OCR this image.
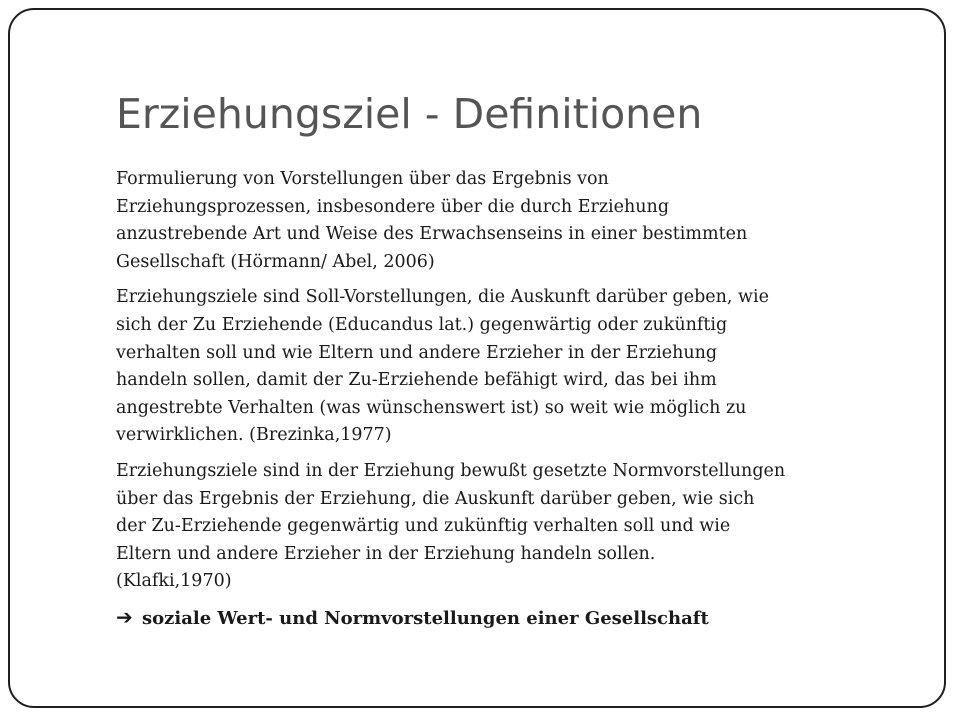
Erziehungsziel - Definitionen

Formulierung von Vorstellungen über das Ergebnis von
Erziehungsprozessen, insbesondere über die durch Erziehung
anzustrebende Art und Weise des Erwachsenseins in einer bestimmten
Gesellschaft (Hörmann/ Abel, 2006)

Erziehungsziele sind Soll-Vorstellungen, die Auskunft darüber geben, wie
sich der Zu Erziehende (Educandus lat.) gegenwärtig oder zukünftig
verhalten soll und wie Eltern und andere Erzieher in der Erziehung
handeln sollen, damit der Zu-Erziehende befähigt wird, das bei ihm
angestrebte Verhalten (was wünschenswert ist) so weit wie möglich zu
verwirklichen. (Brezinka,1977)

Erziehungsziele sind in der Erziehung bewußt gesetzte Normvorstellungen
über das Ergebnis der Erziehung, die Auskunft darüber geben, wie sich
der Zu-Erziehende gegenwärtig und zukünftig verhalten soll und wie
Eltern und andere Erzieher in der Erziehung handeln sollen.
(Klafki,1970)

➔ soziale Wert- und Normvorstellungen einer Gesellschaft
